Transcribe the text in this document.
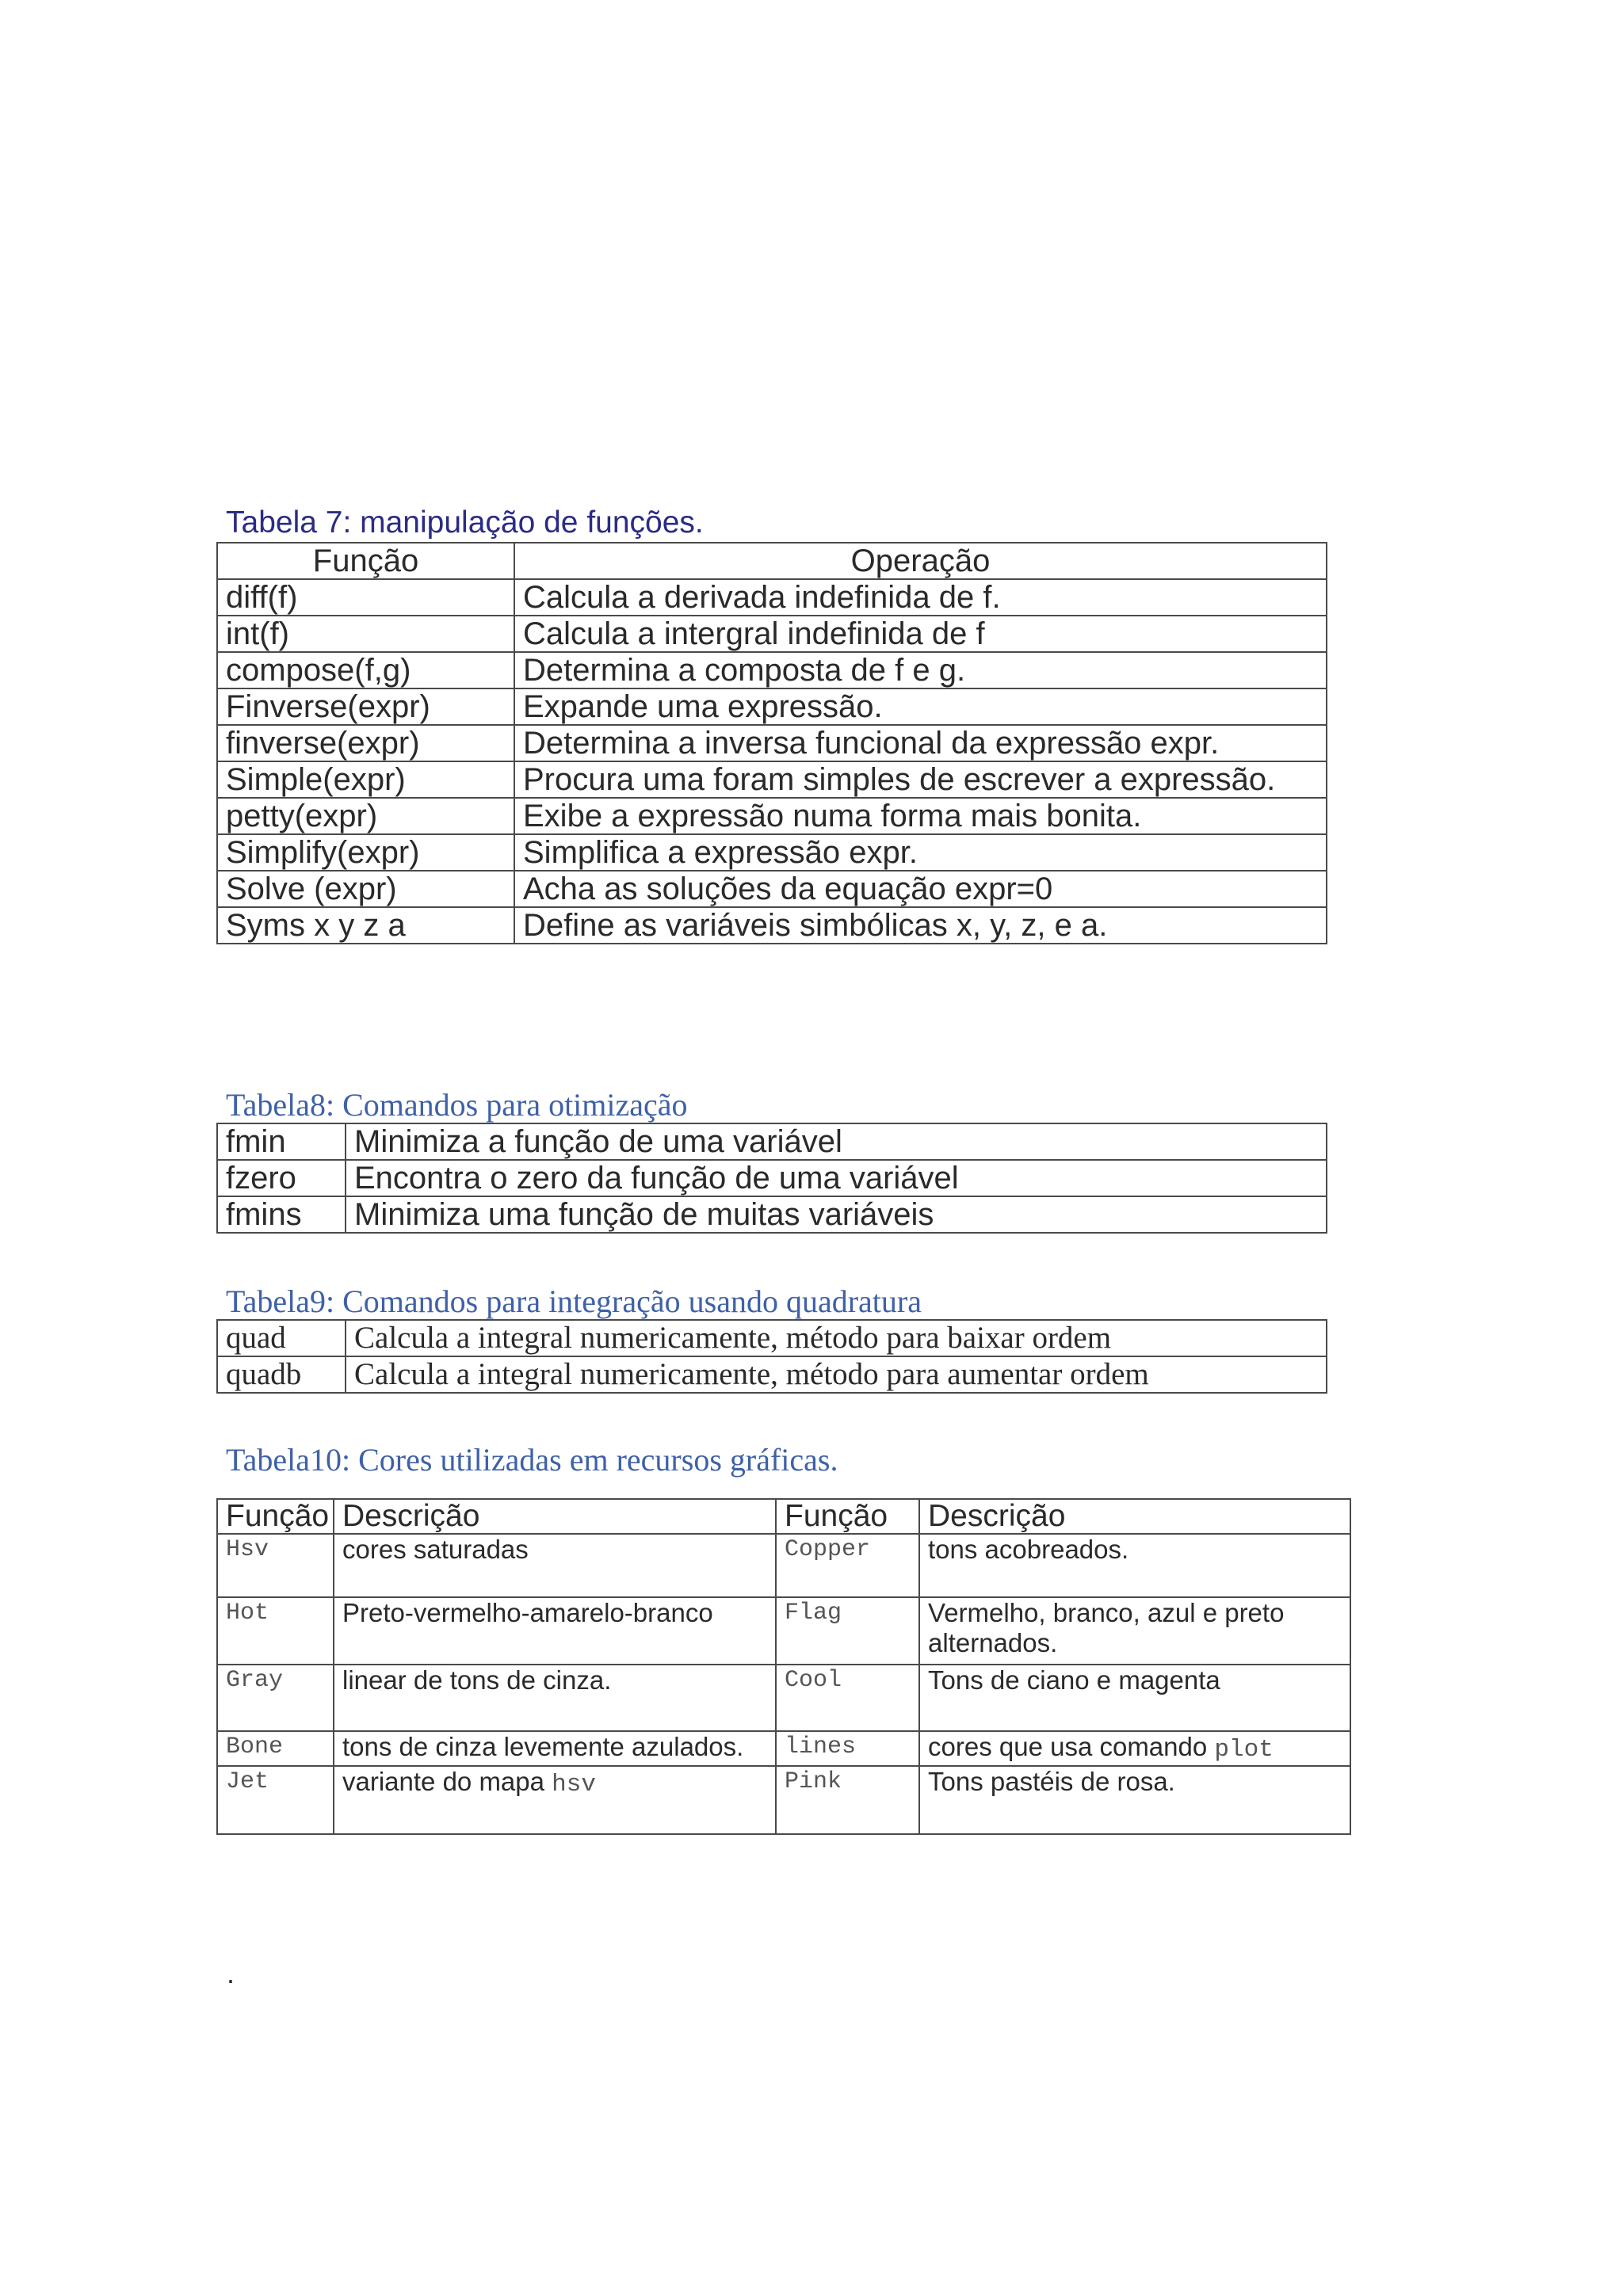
Tabela 7: manipulação de funções.
Função	Operação
diff(f)	Calcula a derivada indefinida de f.
int(f)	Calcula a intergral indefinida de f
compose(f,g)	Determina a composta de f e g.
Finverse(expr)	Expande uma expressão.
finverse(expr)	Determina a inversa funcional da expressão expr.
Simple(expr)	Procura uma foram simples de escrever a expressão.
petty(expr)	Exibe a expressão numa forma mais bonita.
Simplify(expr)	Simplifica a expressão expr.
Solve (expr)	Acha as soluções da equação expr=0
Syms x y z a	Define as variáveis simbólicas x, y, z, e a.
Tabela8: Comandos para otimização
fmin	Minimiza a função de uma variável
fzero	Encontra o zero da função de uma variável
fmins	Minimiza uma função de muitas variáveis
Tabela9: Comandos para integração usando quadratura
quad	Calcula a integral numericamente, método para baixar ordem
quadb	Calcula a integral numericamente, método para aumentar ordem
Tabela10: Cores utilizadas em recursos gráficas.
Função	Descrição	Função	Descrição
Hsv	cores saturadas	Copper	tons acobreados.
Hot	Preto-vermelho-amarelo-branco	Flag	Vermelho, branco, azul e preto alternados.
Gray	linear de tons de cinza.	Cool	Tons de ciano e magenta
Bone	tons de cinza levemente azulados.	lines	cores que usa comando plot
Jet	variante do mapa hsv	Pink	Tons pastéis de rosa.
.
